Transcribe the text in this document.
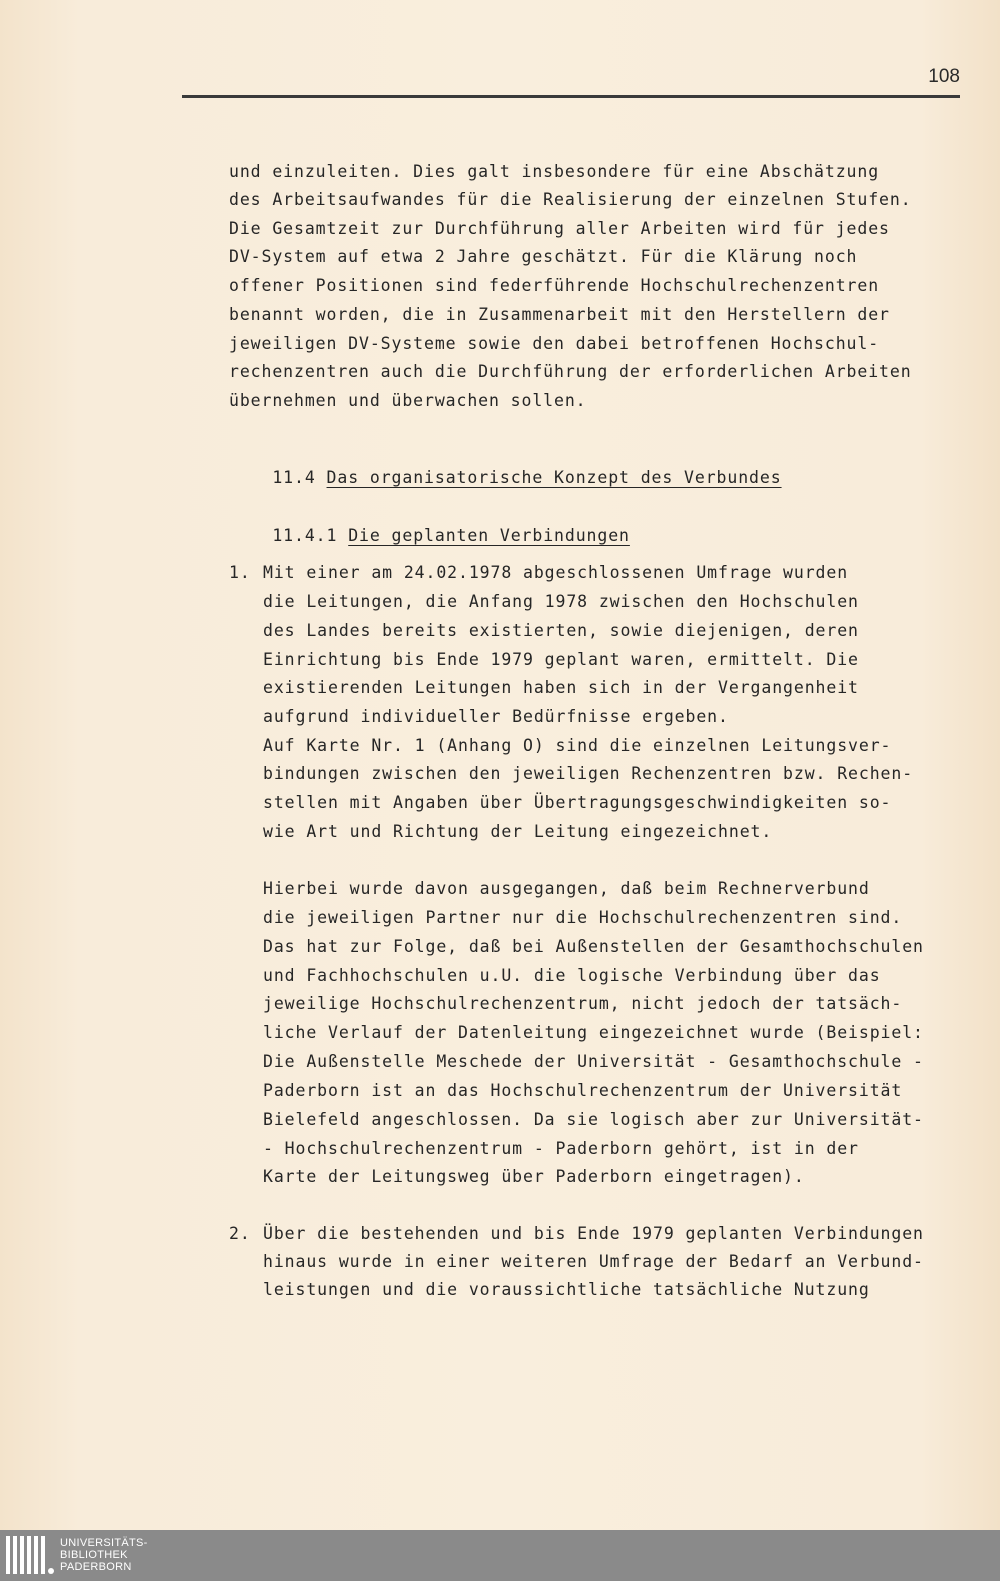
108
und einzuleiten. Dies galt insbesondere für eine Abschätzung
des Arbeitsaufwandes für die Realisierung der einzelnen Stufen.
Die Gesamtzeit zur Durchführung aller Arbeiten wird für jedes
DV-System auf etwa 2 Jahre geschätzt. Für die Klärung noch
offener Positionen sind federführende Hochschulrechenzentren
benannt worden, die in Zusammenarbeit mit den Herstellern der
jeweiligen DV-Systeme sowie den dabei betroffenen Hochschul-
rechenzentren auch die Durchführung der erforderlichen Arbeiten
übernehmen und überwachen sollen.

11.4 Das organisatorische Konzept des Verbundes

11.4.1 Die geplanten Verbindungen

1. Mit einer am 24.02.1978 abgeschlossenen Umfrage wurden
die Leitungen, die Anfang 1978 zwischen den Hochschulen
des Landes bereits existierten, sowie diejenigen, deren
Einrichtung bis Ende 1979 geplant waren, ermittelt. Die
existierenden Leitungen haben sich in der Vergangenheit
aufgrund individueller Bedürfnisse ergeben.
Auf Karte Nr. 1 (Anhang O) sind die einzelnen Leitungsver-
bindungen zwischen den jeweiligen Rechenzentren bzw. Rechen-
stellen mit Angaben über Übertragungsgeschwindigkeiten so-
wie Art und Richtung der Leitung eingezeichnet.
Hierbei wurde davon ausgegangen, daß beim Rechnerverbund
die jeweiligen Partner nur die Hochschulrechenzentren sind.
Das hat zur Folge, daß bei Außenstellen der Gesamthochschulen
und Fachhochschulen u.U. die logische Verbindung über das
jeweilige Hochschulrechenzentrum, nicht jedoch der tatsäch-
liche Verlauf der Datenleitung eingezeichnet wurde (Beispiel:
Die Außenstelle Meschede der Universität - Gesamthochschule -
Paderborn ist an das Hochschulrechenzentrum der Universität
Bielefeld angeschlossen. Da sie logisch aber zur Universität-
- Hochschulrechenzentrum - Paderborn gehört, ist in der
Karte der Leitungsweg über Paderborn eingetragen).
2. Über die bestehenden und bis Ende 1979 geplanten Verbindungen
hinaus wurde in einer weiteren Umfrage der Bedarf an Verbund-
leistungen und die voraussichtliche tatsächliche Nutzung
UNIVERSITÄTS-
BIBLIOTHEK
PADERBORN
